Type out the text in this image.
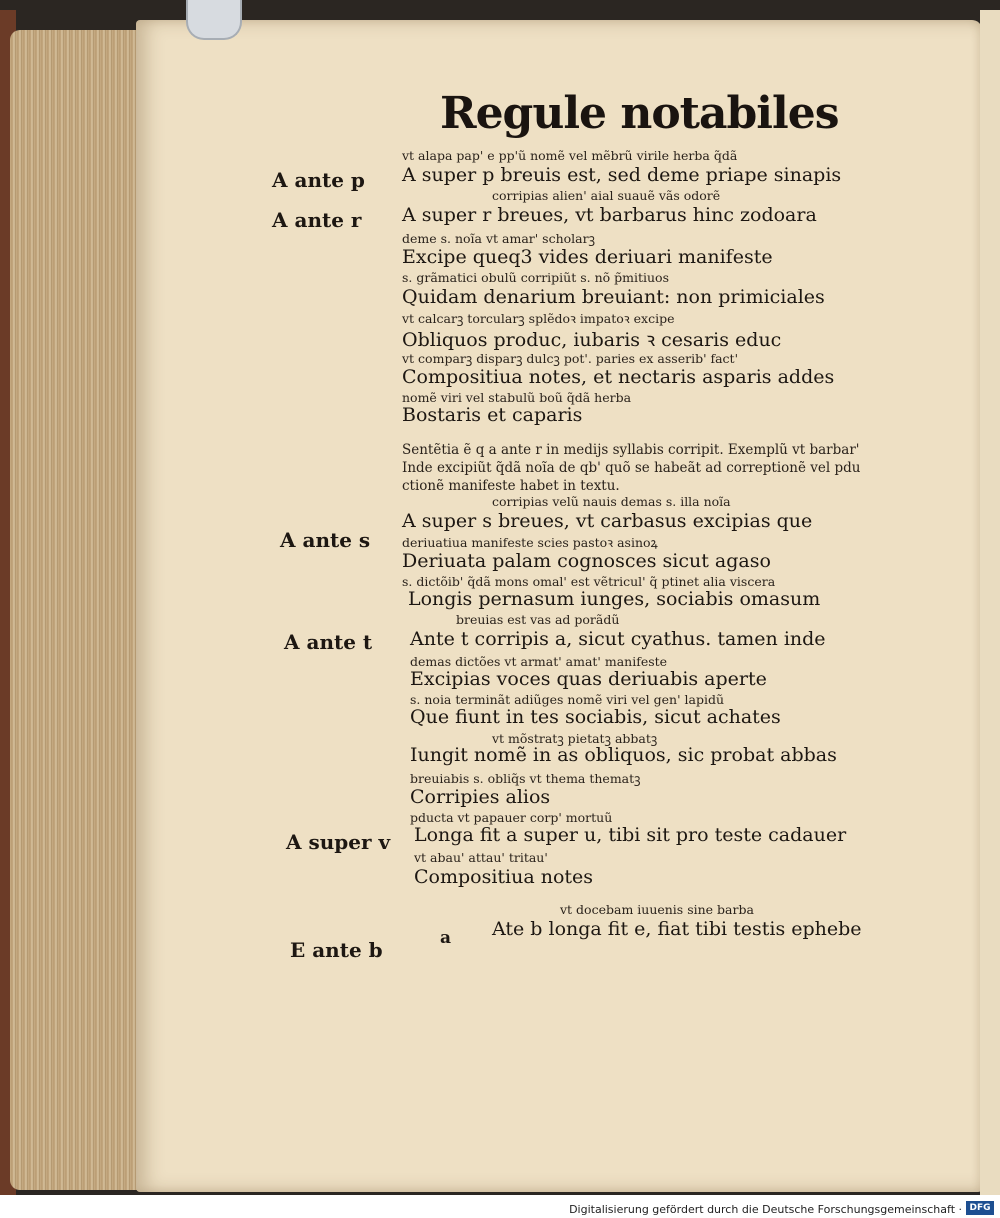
Regule notabiles
A ante p
A ante r
A ante s
A ante t
A super v
E ante b
vt alapa pap' e pp'ũ nomẽ vel mẽbrũ virile herba q̃dã
A super p breuis est, sed deme priape sinapis
corripias alien' aial suauẽ vãs odorẽ
A super r breues, vt barbarus hinc zodoara
deme s. noĩa vt amar' scholarꝫ
Excipe queq3 vides deriuari manifeste
s. grãmatici obulũ corripiũt s. nõ p̃mitiuos
Quidam denarium breuiant: non primiciales
vt calcarꝫ torcularꝫ splẽdoꝛ impatoꝛ excipe
Obliquos produc, iubaris ꝛ cesaris educ
vt comparꝫ disparꝫ dulcꝫ pot'. paries ex asserib' fact'
Compositiua notes, et nectaris asparis addes
nomẽ viri vel stabulũ boũ q̃dã herba
Bostaris et caparis
Sentẽtia ẽ q a ante r in medijs syllabis corripit. Exemplũ vt barbar'
Inde excipiũt q̃dã noĩa de qb' quõ se habeãt ad correptionẽ vel pdu
ctionẽ manifeste habet in textu.
corripias velũ nauis demas s. illa noĩa
A super s breues, vt carbasus excipias que
deriuatiua manifeste scies pastoꝛ asinoꝝ
Deriuata palam cognosces sicut agaso
s. dictõib' q̃dã mons omal' est vẽtricul' q̃ ptinet alia viscera
Longis pernasum iunges, sociabis omasum
breuias est vas ad porãdũ
Ante t corripis a, sicut cyathus. tamen inde
demas dictões vt armat' amat' manifeste
Excipias voces quas deriuabis aperte
s. noia terminãt adiũges nomẽ viri vel gen' lapidũ
Que fiunt in tes sociabis, sicut achates
vt mõstratꝫ pietatꝫ abbatꝫ
Iungit nomẽ in as obliquos, sic probat abbas
breuiabis s. obliq̃s vt thema thematꝫ
Corripies alios
pducta vt papauer corp' mortuũ
Longa fit a super u, tibi sit pro teste cadauer
vt abau' attau' tritau'
Compositiua notes
vt docebam iuuenis sine barba
a Ate b longa fit e, fiat tibi testis ephebe
Digitalisierung gefördert durch die Deutsche Forschungsgemeinschaft · DFG
